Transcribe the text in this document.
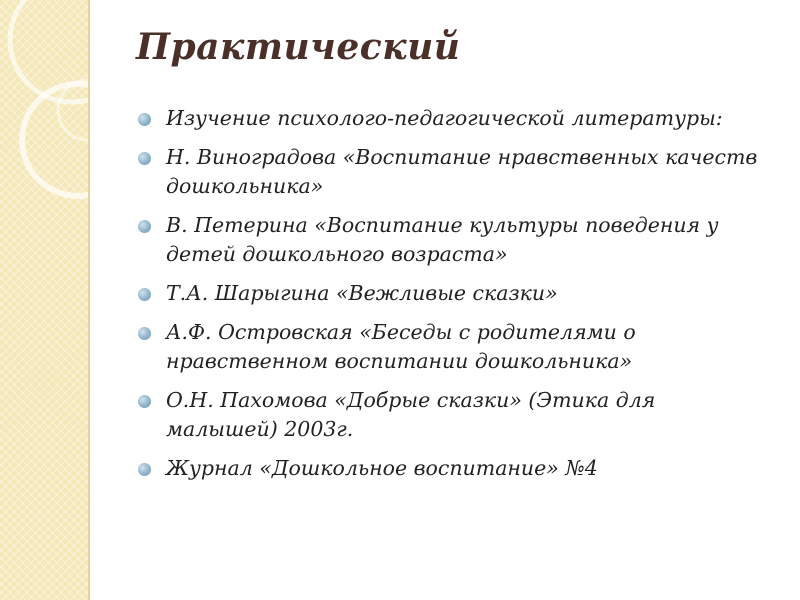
Практический
Изучение психолого-педагогической литературы:
Н. Виноградова «Воспитание нравственных качеств дошкольника»
В. Петерина «Воспитание культуры поведения у детей дошкольного возраста»
Т.А. Шарыгина «Вежливые сказки»
А.Ф. Островская «Беседы с родителями о нравственном воспитании дошкольника»
О.Н. Пахомова «Добрые сказки» (Этика для малышей) 2003г.
Журнал «Дошкольное воспитание» №4
